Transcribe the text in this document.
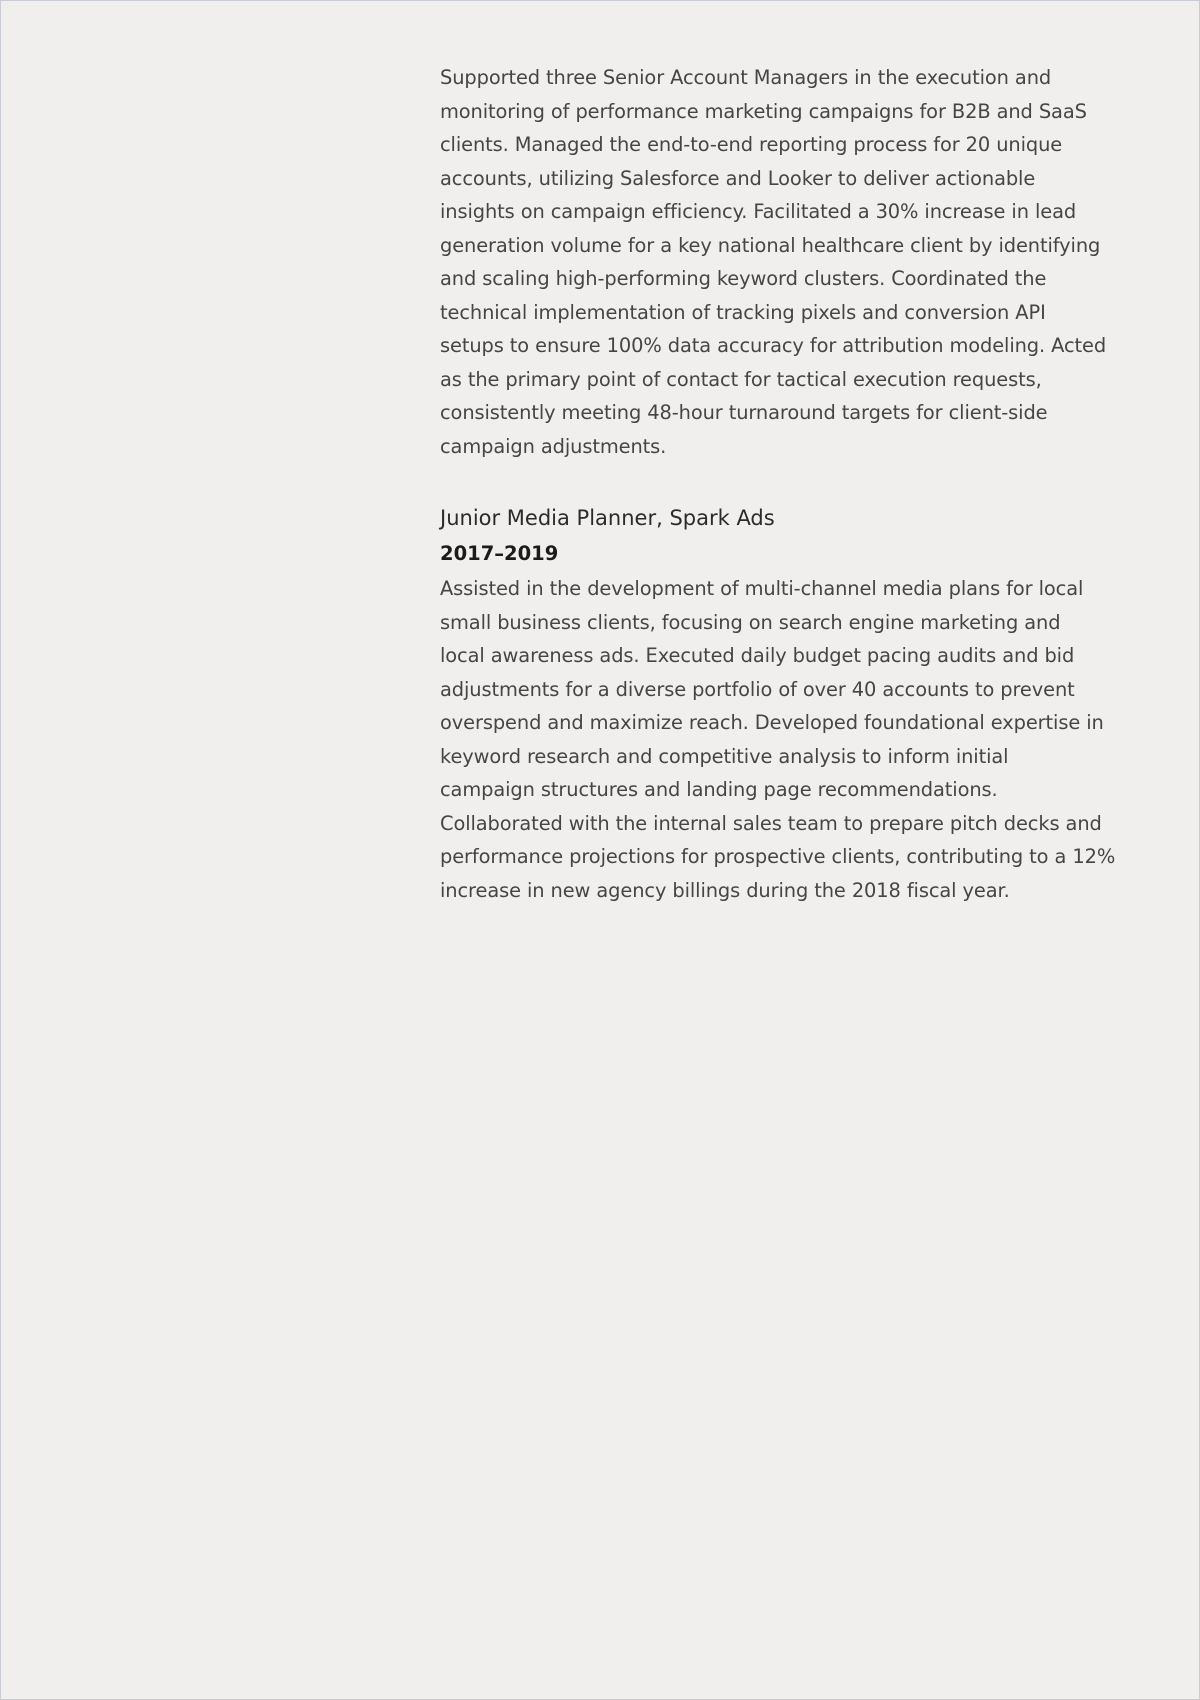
Supported three Senior Account Managers in the execution and
monitoring of performance marketing campaigns for B2B and SaaS
clients. Managed the end-to-end reporting process for 20 unique
accounts, utilizing Salesforce and Looker to deliver actionable
insights on campaign efficiency. Facilitated a 30% increase in lead
generation volume for a key national healthcare client by identifying
and scaling high-performing keyword clusters. Coordinated the
technical implementation of tracking pixels and conversion API
setups to ensure 100% data accuracy for attribution modeling. Acted
as the primary point of contact for tactical execution requests,
consistently meeting 48-hour turnaround targets for client-side
campaign adjustments.

Junior Media Planner, Spark Ads
2017–2019

Assisted in the development of multi-channel media plans for local
small business clients, focusing on search engine marketing and
local awareness ads. Executed daily budget pacing audits and bid
adjustments for a diverse portfolio of over 40 accounts to prevent
overspend and maximize reach. Developed foundational expertise in
keyword research and competitive analysis to inform initial
campaign structures and landing page recommendations.
Collaborated with the internal sales team to prepare pitch decks and
performance projections for prospective clients, contributing to a 12%
increase in new agency billings during the 2018 fiscal year.
